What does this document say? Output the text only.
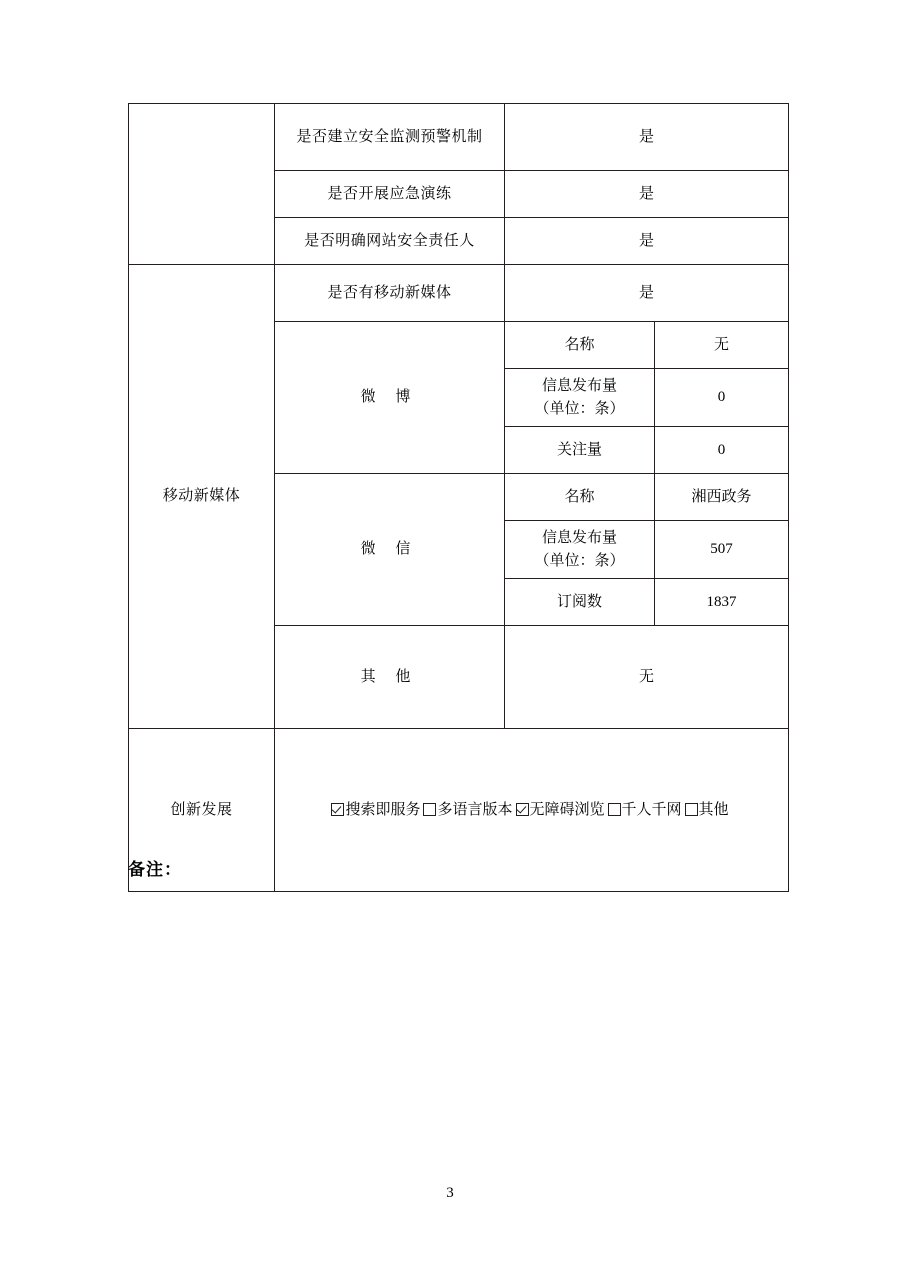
	是否建立安全监测预警机制	是	
	是否开展应急演练	是	
	是否明确网站安全责任人	是	
移动新媒体	是否有移动新媒体	是	
	微 博	名称	无
		信息发布量
（单位：条）	0
		关注量	0
	微 信	名称	湘西政务
		信息发布量
（单位：条）	507
		订阅数	1837
	其 他	无	
创新发展	搜索即服务 多语言版本 无障碍浏览 千人千网 其他		
备注：
3
